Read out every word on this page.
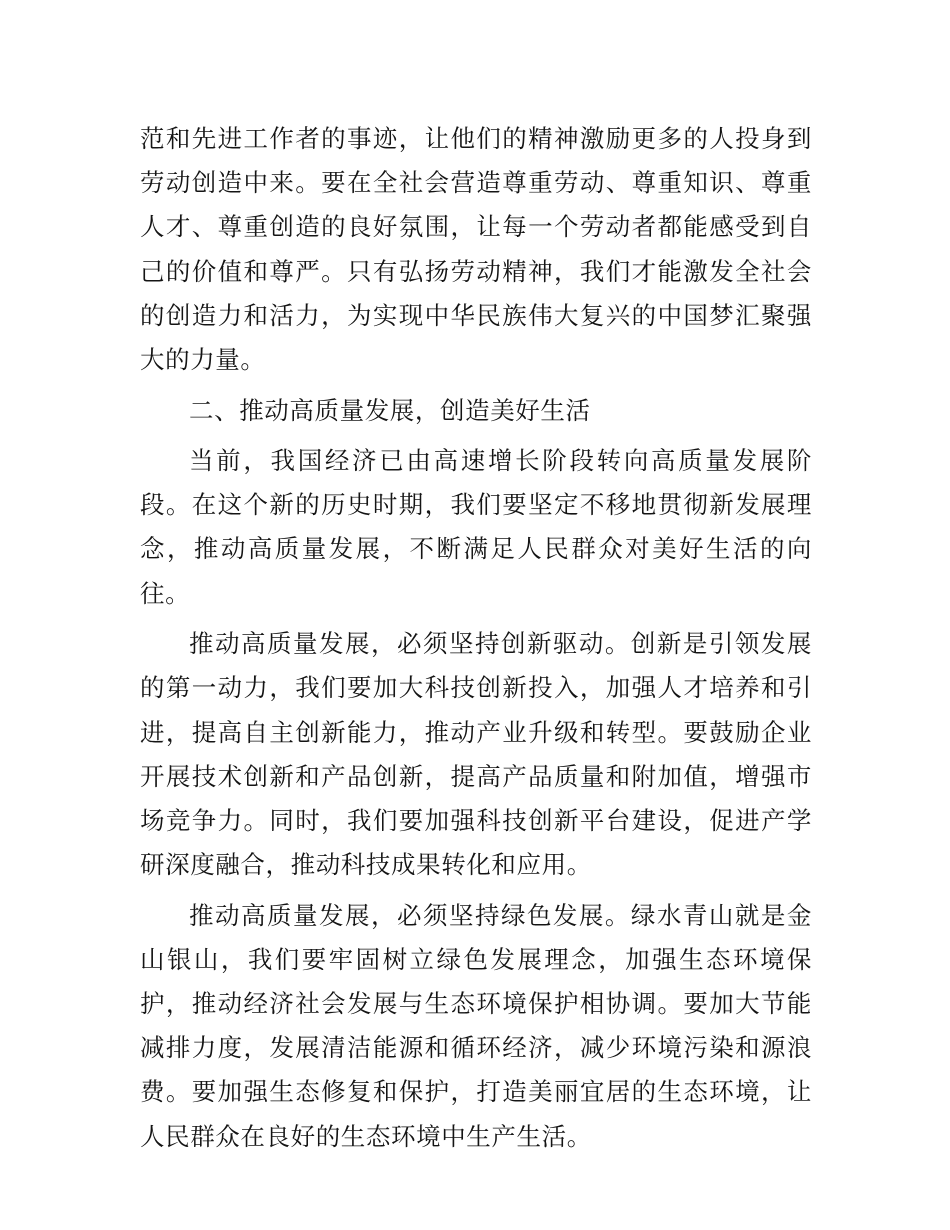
范和先进工作者的事迹，让他们的精神激励更多的人投身到劳动创造中来。要在全社会营造尊重劳动、尊重知识、尊重人才、尊重创造的良好氛围，让每一个劳动者都能感受到自己的价值和尊严。只有弘扬劳动精神，我们才能激发全社会的创造力和活力，为实现中华民族伟大复兴的中国梦汇聚强大的力量。

二、推动高质量发展，创造美好生活

当前，我国经济已由高速增长阶段转向高质量发展阶段。在这个新的历史时期，我们要坚定不移地贯彻新发展理念，推动高质量发展，不断满足人民群众对美好生活的向往。

推动高质量发展，必须坚持创新驱动。创新是引领发展的第一动力，我们要加大科技创新投入，加强人才培养和引进，提高自主创新能力，推动产业升级和转型。要鼓励企业开展技术创新和产品创新，提高产品质量和附加值，增强市场竞争力。同时，我们要加强科技创新平台建设，促进产学研深度融合，推动科技成果转化和应用。

推动高质量发展，必须坚持绿色发展。绿水青山就是金山银山，我们要牢固树立绿色发展理念，加强生态环境保护，推动经济社会发展与生态环境保护相协调。要加大节能减排力度，发展清洁能源和循环经济，减少环境污染和源浪费。要加强生态修复和保护，打造美丽宜居的生态环境，让人民群众在良好的生态环境中生产生活。
